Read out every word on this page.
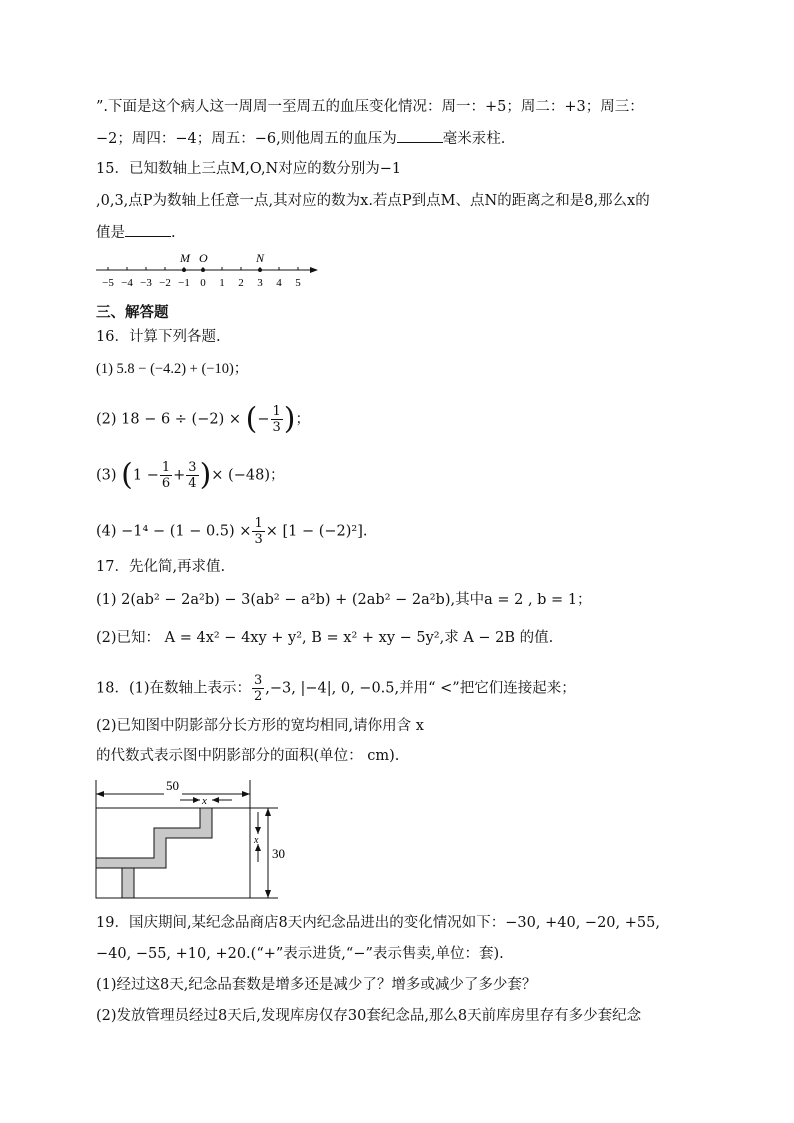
”.下面是这个病人这一周周一至周五的血压变化情况：周一：+5；周二：+3；周三：
−2；周四：−4；周五：−6,则他周五的血压为	毫米汞柱.
15．已知数轴上三点M,O,N对应的数分别为−1
,0,3,点P为数轴上任意一点,其对应的数为x.若点P到点M、点N的距离之和是8,那么x的
值是	.
−5 −4 −3 −2 −1 0 1 2 3 4 5
M O	N
三、解答题
16．计算下列各题.
(1) 5.8 − (−4.2) + (−10)；
(2) 18 − 6 ÷ (−2) × (− $\frac{1}{3}$ )；
(3) ($1 - \frac{1}{6} + \frac{3}{4}$ )× (−48)；
$(4) -1^4 - (1 - 0.5) \times \frac{1}{3} \times [1 - (-2)^2]$.
17．先化简,再求值.
(1) 2(ab² − 2a²b) − 3(ab² − a²b) + (2ab² − 2a²b),其中a = 2 , b = 1；
(2)已知： A = 4x² − 4xy + y², B = x² + xy − 5y²,求 A − 2B 的值.
18．(1)在数轴上表示： $\frac{3}{2} ,-3$, |−4|, 0, −0.5,并用“ <”把它们连接起来；
(2)已知图中阴影部分长方形的宽均相同,请你用含 x
的代数式表示图中阴影部分的面积(单位： cm).
50
x
30
x
19．国庆期间,某纪念品商店8天内纪念品进出的变化情况如下：−30, +40, −20, +55,
−40, −55, +10, +20.(“+”表示进货,“−”表示售卖,单位：套).
(1)经过这8天,纪念品套数是增多还是减少了？增多或减少了多少套？
(2)发放管理员经过8天后,发现库房仅存30套纪念品,那么8天前库房里存有多少套纪念
